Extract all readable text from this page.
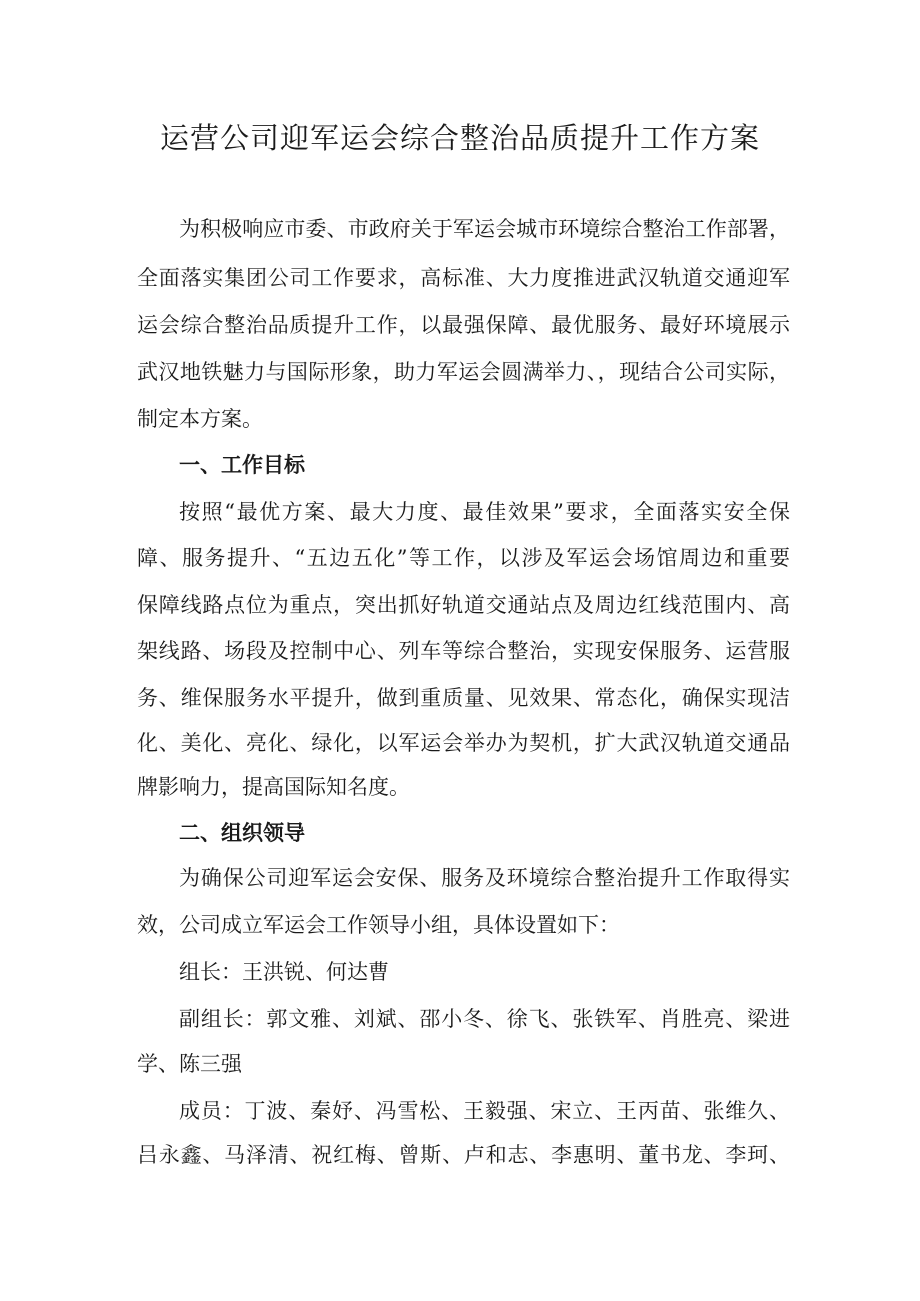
运营公司迎军运会综合整治品质提升工作方案
为积极响应市委、市政府关于军运会城市环境综合整治工作部署，
全面落实集团公司工作要求，高标准、大力度推进武汉轨道交通迎军
运会综合整治品质提升工作，以最强保障、最优服务、最好环境展示
武汉地铁魅力与国际形象，助力军运会圆满举力、，现结合公司实际，
制定本方案。
一、工作目标
按照“最优方案、最大力度、最佳效果”要求，全面落实安全保
障、服务提升、“五边五化”等工作，以涉及军运会场馆周边和重要
保障线路点位为重点，突出抓好轨道交通站点及周边红线范围内、高
架线路、场段及控制中心、列车等综合整治，实现安保服务、运营服
务、维保服务水平提升，做到重质量、见效果、常态化，确保实现洁
化、美化、亮化、绿化，以军运会举办为契机，扩大武汉轨道交通品
牌影响力，提高国际知名度。
二、组织领导
为确保公司迎军运会安保、服务及环境综合整治提升工作取得实
效，公司成立军运会工作领导小组，具体设置如下：
组长：王洪锐、何达曹
副组长：郭文雅、刘斌、邵小冬、徐飞、张铁军、肖胜亮、梁进
学、陈三强
成员：丁波、秦妤、冯雪松、王毅强、宋立、王丙苗、张维久、
吕永鑫、马泽清、祝红梅、曾斯、卢和志、李惠明、董书龙、李珂、
